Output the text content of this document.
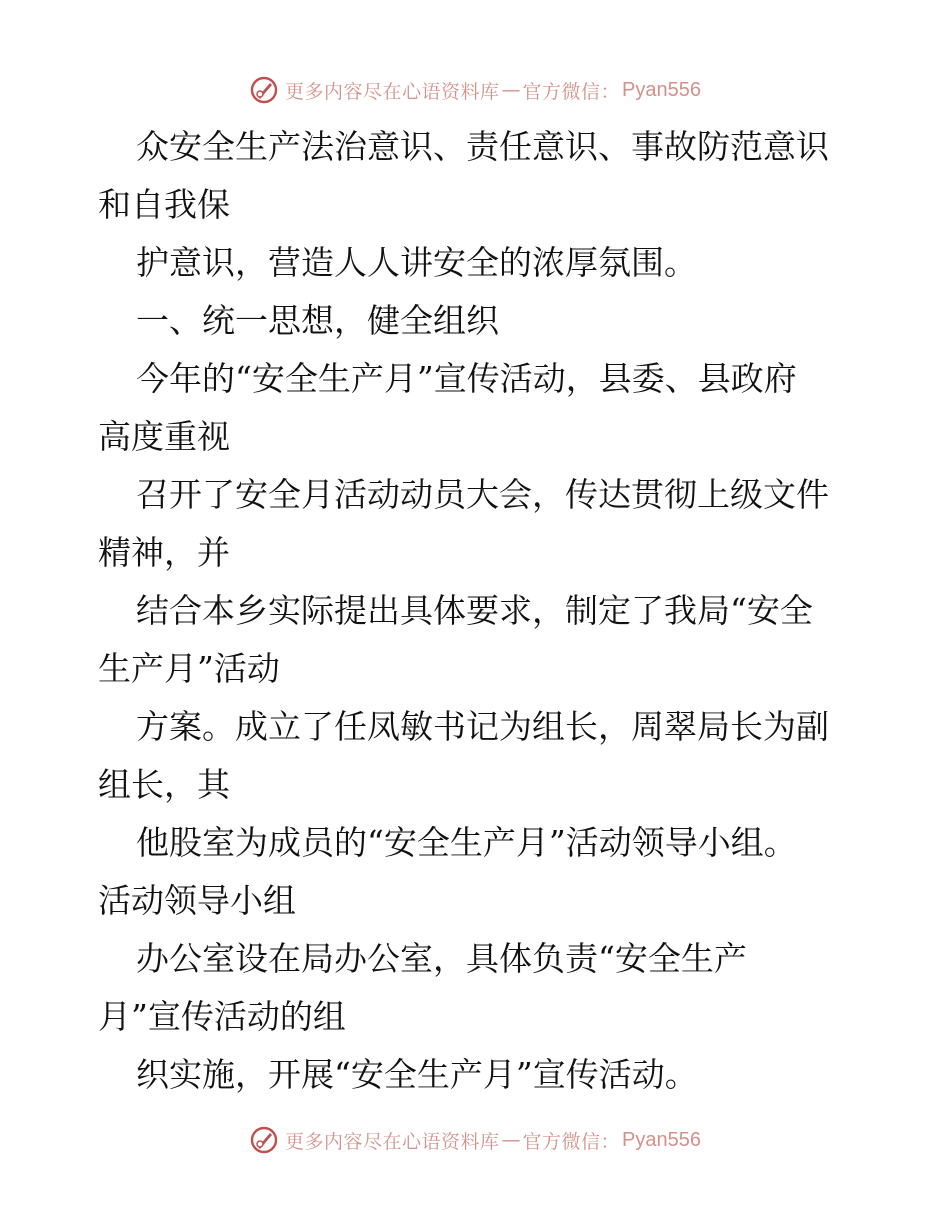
更多内容尽在心语资料库 — 官方微信： Pyan556
众安全生产法治意识、责任意识、事故防范意识
和自我保
护意识，营造人人讲安全的浓厚氛围。
一、统一思想，健全组织
今年的“安全生产月”宣传活动，县委、县政府
高度重视
召开了安全月活动动员大会，传达贯彻上级文件
精神，并
结合本乡实际提出具体要求，制定了我局“安全
生产月”活动
方案。成立了任凤敏书记为组长，周翠局长为副
组长，其
他股室为成员的“安全生产月”活动领导小组。
活动领导小组
办公室设在局办公室，具体负责“安全生产
月”宣传活动的组
织实施，开展“安全生产月”宣传活动。
更多内容尽在心语资料库 — 官方微信： Pyan556
